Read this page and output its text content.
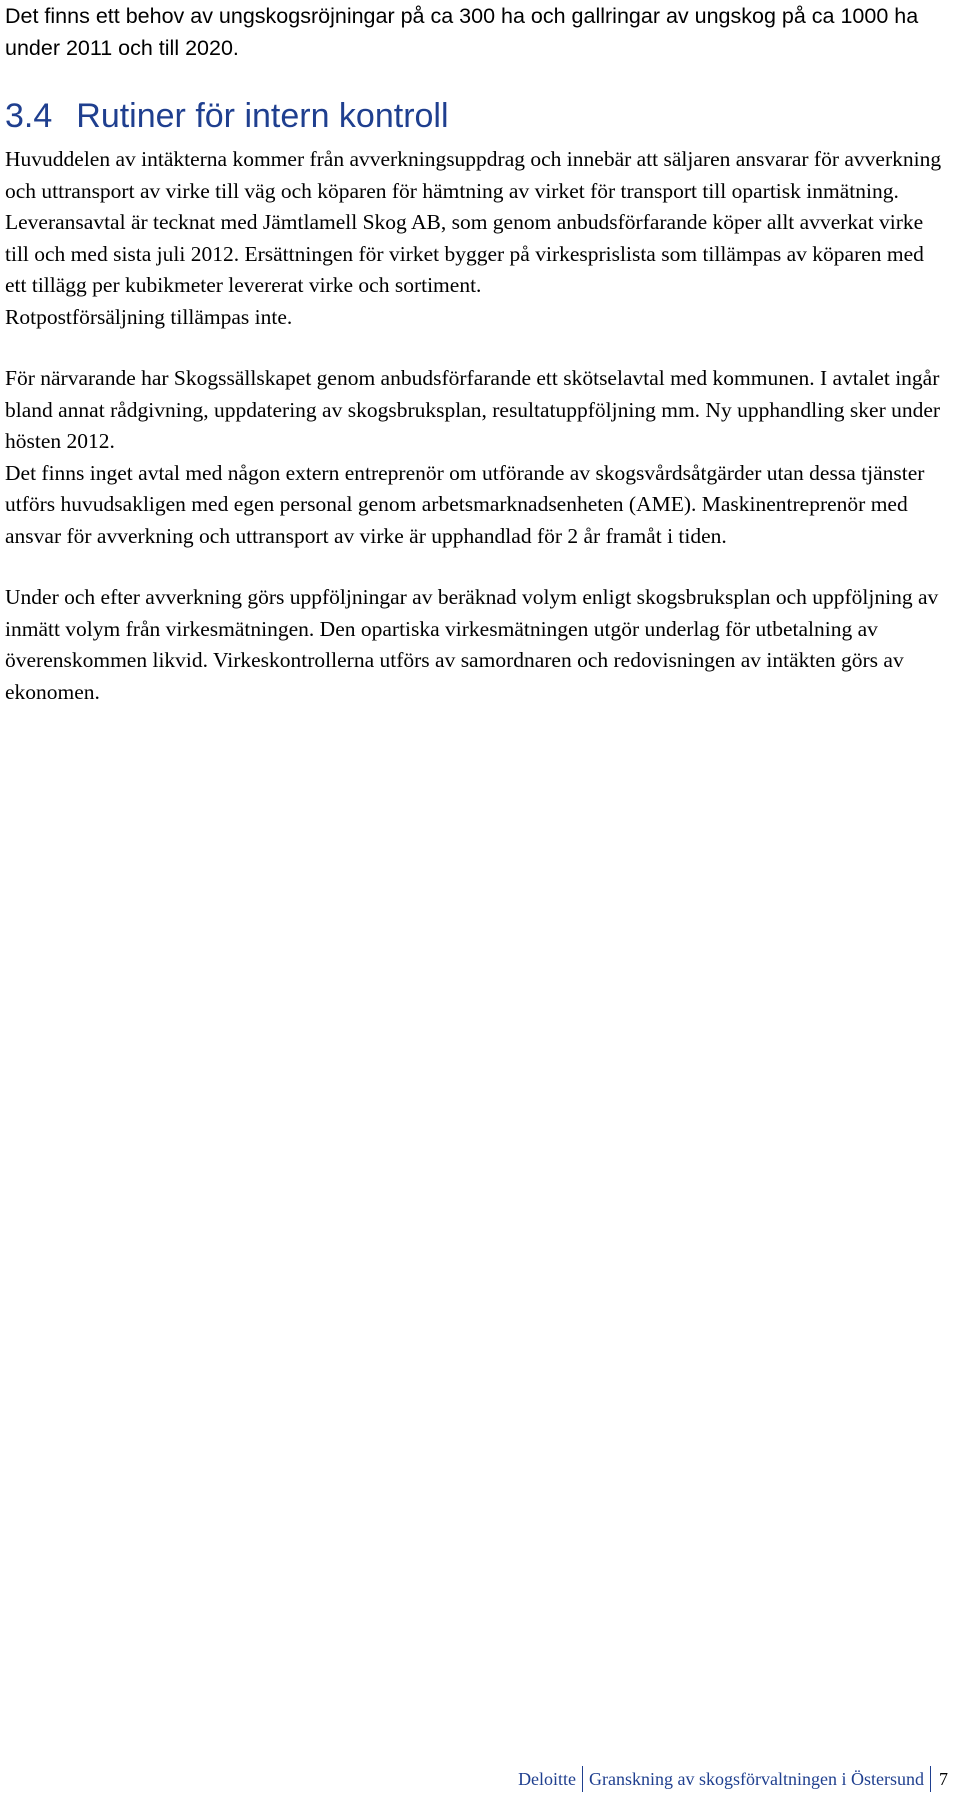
Det finns ett behov av ungskogsröjningar på ca 300 ha och gallringar av ungskog på ca 1000 ha under 2011 och till 2020.

3.4 Rutiner för intern kontroll

Huvuddelen av intäkterna kommer från avverkningsuppdrag och innebär att säljaren ansvarar för avverkning och uttransport av virke till väg och köparen för hämtning av virket för transport till opartisk inmätning.

Leveransavtal är tecknat med Jämtlamell Skog AB, som genom anbudsförfarande köper allt avverkat virke till och med sista juli 2012. Ersättningen för virket bygger på virkesprislista som tillämpas av köparen med ett tillägg per kubikmeter levererat virke och sortiment.

Rotpostförsäljning tillämpas inte.

För närvarande har Skogssällskapet genom anbudsförfarande ett skötselavtal med kommunen. I avtalet ingår bland annat rådgivning, uppdatering av skogsbruksplan, resultatuppföljning mm. Ny upphandling sker under hösten 2012.

Det finns inget avtal med någon extern entreprenör om utförande av skogsvårdsåtgärder utan dessa tjänster utförs huvudsakligen med egen personal genom arbetsmarknadsenheten (AME). Maskinentreprenör med ansvar för avverkning och uttransport av virke är upphandlad för 2 år framåt i tiden.

Under och efter avverkning görs uppföljningar av beräknad volym enligt skogsbruksplan och uppföljning av inmätt volym från virkesmätningen. Den opartiska virkesmätningen utgör underlag för utbetalning av överenskommen likvid. Virkeskontrollerna utförs av samordnaren och redovisningen av intäkten görs av ekonomen.

Deloitte Granskning av skogsförvaltningen i Östersund 7
